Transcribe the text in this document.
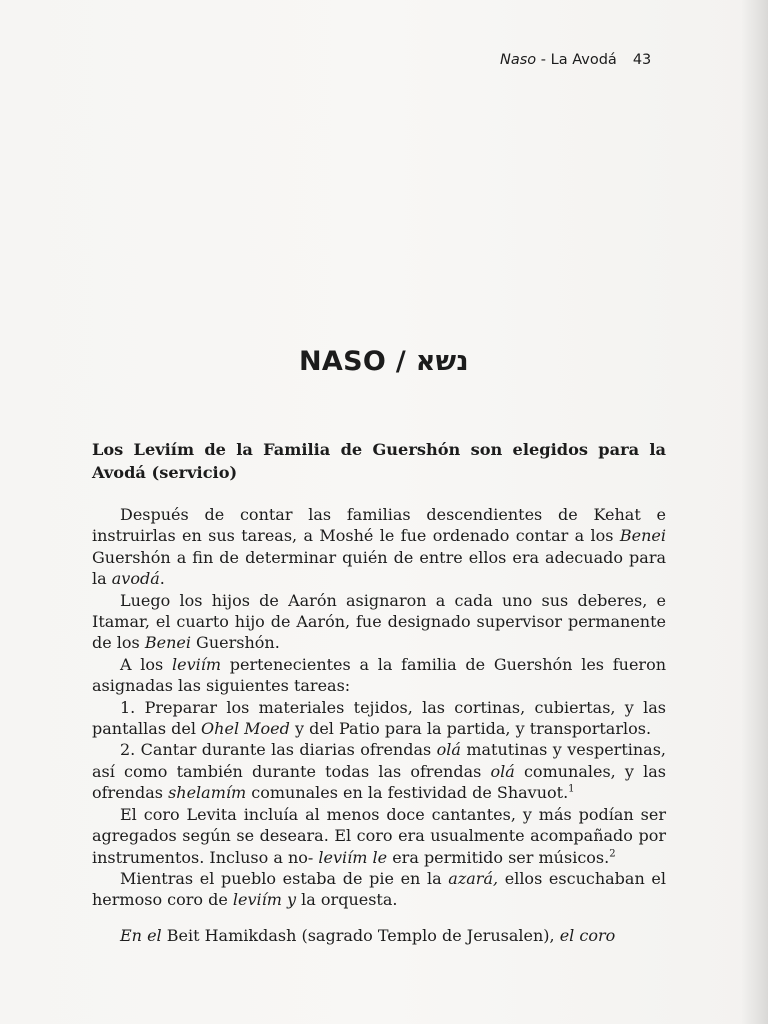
Naso - La Avodá 43
NASO / נשא
Los Leviím de la Familia de Guershón son elegidos para la Avodá (servicio)

Después de contar las familias descendientes de Kehat e instruirlas en sus tareas, a Moshé le fue ordenado contar a los Benei Guershón a fin de determinar quién de entre ellos era adecuado para la avodá.

Luego los hijos de Aarón asignaron a cada uno sus deberes, e Itamar, el cuarto hijo de Aarón, fue designado supervisor permanente de los Benei Guershón.

A los leviím pertenecientes a la familia de Guershón les fueron asignadas las siguientes tareas:

1. Preparar los materiales tejidos, las cortinas, cubiertas, y las pantallas del Ohel Moed y del Patio para la partida, y transportarlos.

2. Cantar durante las diarias ofrendas olá matutinas y vespertinas, así como también durante todas las ofrendas olá comunales, y las ofrendas shelamím comunales en la festividad de Shavuot.$^1$

El coro Levita incluía al menos doce cantantes, y más podían ser agregados según se deseara. El coro era usualmente acompañado por instrumentos. Incluso a no- leviím le era permitido ser músicos.$^2$

Mientras el pueblo estaba de pie en la azará, ellos escuchaban el hermoso coro de leviím y la orquesta.

En el Beit Hamikdash (sagrado Templo de Jerusalen), el coro
